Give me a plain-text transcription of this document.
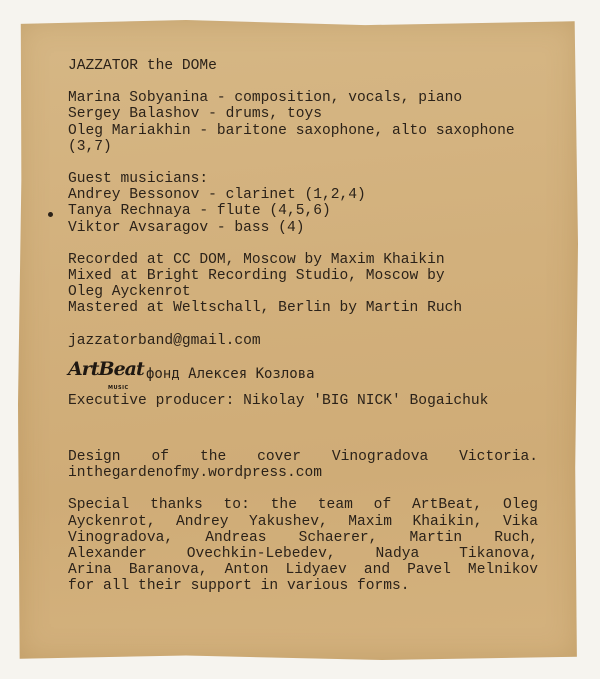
JAZZATOR the DOMe
Marina Sobyanina - composition, vocals, piano
Sergey Balashov - drums, toys
Oleg Mariakhin - baritone saxophone, alto saxophone
(3,7)
Guest musicians:
Andrey Bessonov - clarinet (1,2,4)
Tanya Rechnaya - flute (4,5,6)
Viktor Avsaragov - bass (4)
Recorded at CC DOM, Moscow by Maxim Khaikin
Mixed at Bright Recording Studio, Moscow by
Oleg Ayckenrot
Mastered at Weltschall, Berlin by Martin Ruch
jazzatorband@gmail.com
ArtBeat
MUSIC
фонд Алексея Козлова
Executive producer: Nikolay 'BIG NICK' Bogaichuk
Design of the cover Vinogradova Victoria.
inthegardenofmy.wordpress.com
Special thanks to: the team of ArtBeat, Oleg
Ayckenrot, Andrey Yakushev, Maxim Khaikin, Vika
Vinogradova, Andreas Schaerer, Martin Ruch,
Alexander Ovechkin-Lebedev, Nadya Tikanova,
Arina Baranova, Anton Lidyaev and Pavel Melnikov
for all their support in various forms.
